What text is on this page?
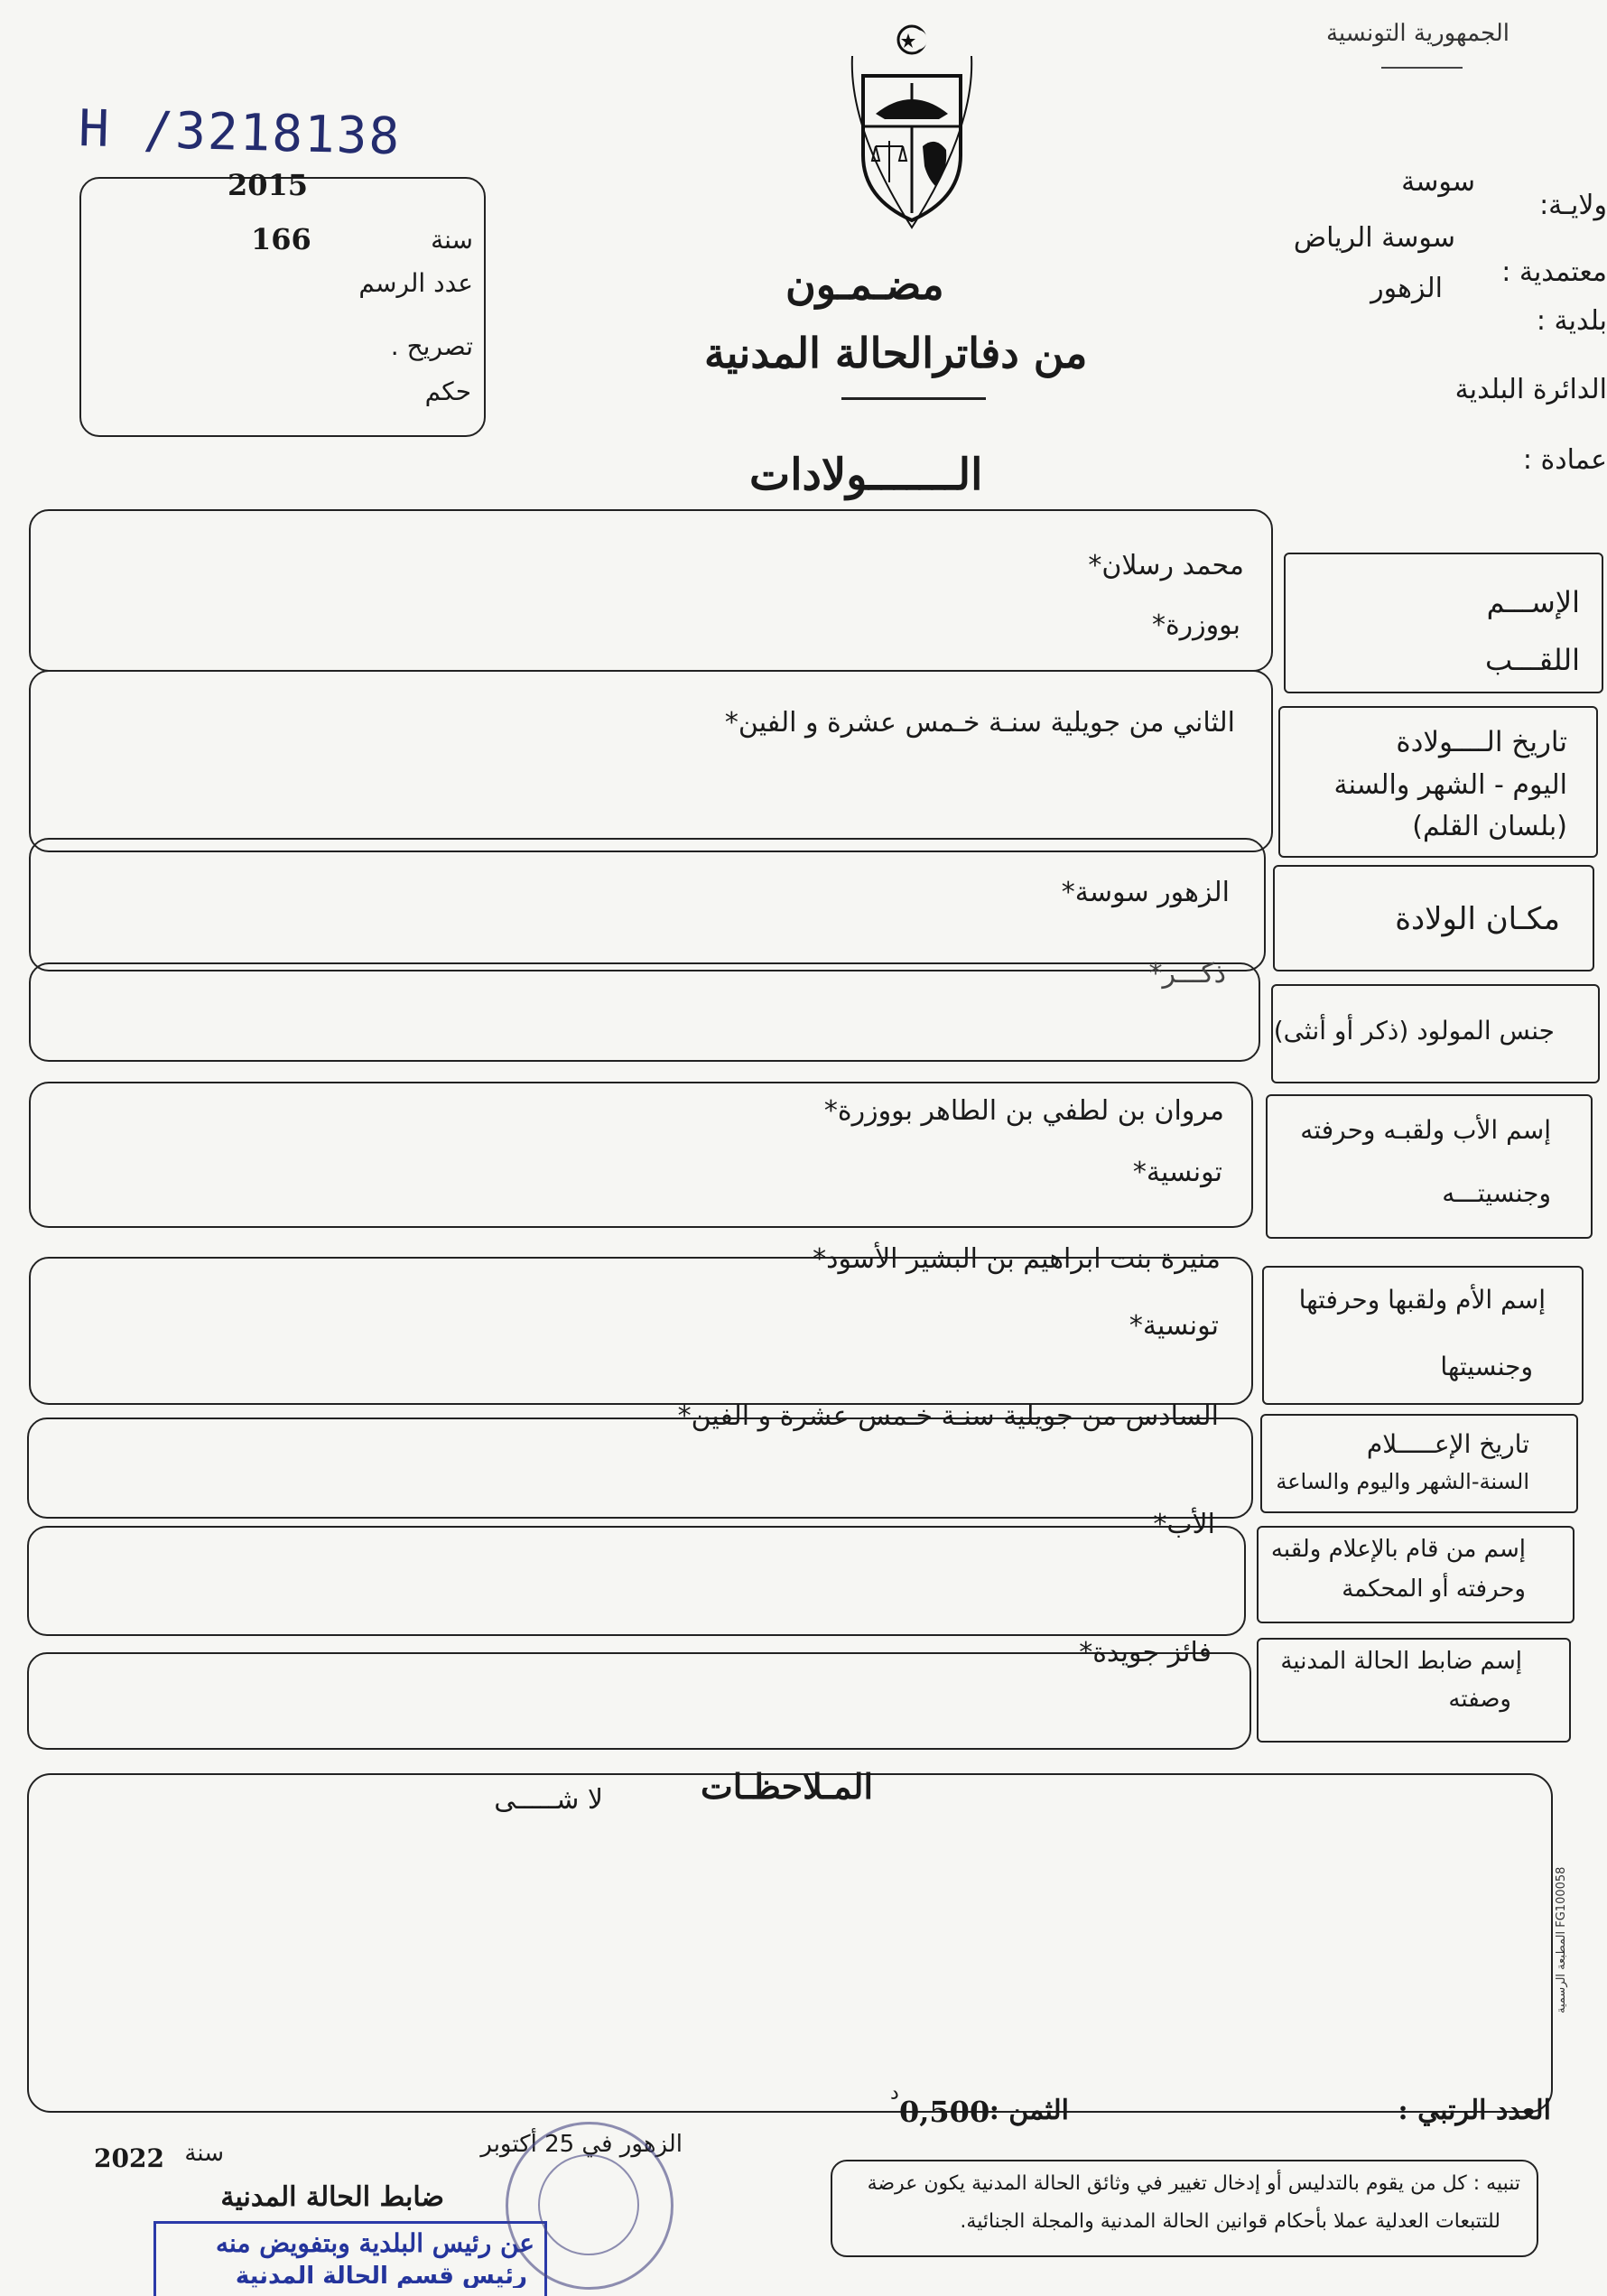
الجمهورية التونسية
H /3218138
2015
166	سنة
عدد الرسم
تصريح .
حكم
مضـمـون
من دفاترالحالة المدنية
الـــــــولادات
سوسة
ولايـة:
سوسة الرياض
معتمدية :
الزهور
بلدية :
الدائرة البلدية
عمادة :
محمد رسلان*
بووزرة*
الإســـم
اللقـــب
الثاني من جويلية سنـة خـمس عشرة و الفين*
تاريخ الــــولادة
اليوم - الشهر والسنة
(بلسان القلم)
الزهور سوسة*
مكـان الولادة
ذكـــر*
جنس المولود (ذكر أو أنثى)
مروان بن لطفي بن الطاهر بووزرة*
تونسية*
إسم الأب ولقبـه وحرفته
وجنسيتـــه
منيرة بنت ابراهيم بن البشير الأسود*
تونسية*
إسم الأم ولقبها وحرفتها
وجنسيتها
السادس من جويلية سنـة خـمس عشرة و الفين*
تاريخ الإعـــــلام
السنة-الشهر واليوم والساعة
الأب*
إسم من قام بالإعلام ولقبه
وحرفته أو المحكمة
فائز جويدة*	إسم ضابط الحالة المدنية
وصفته
المـلاحظـات
لا شـــــى
المطبعة الرسمية FG100058
العدد الرتبي :
الثمن :
0,500
د
تنبيه : كل من يقوم بالتدليس أو إدخال تغيير في وثائق الحالة المدنية يكون عرضة
للتتبعات العدلية عملا بأحكام قوانين الحالة المدنية والمجلة الجنائية.
الزهور في 25 أكتوبر
سنة
2022
ضابط الحالة المدنية
عن رئيس البلدية وبتفويض منه
رئيس قسم الحالة المدنية
